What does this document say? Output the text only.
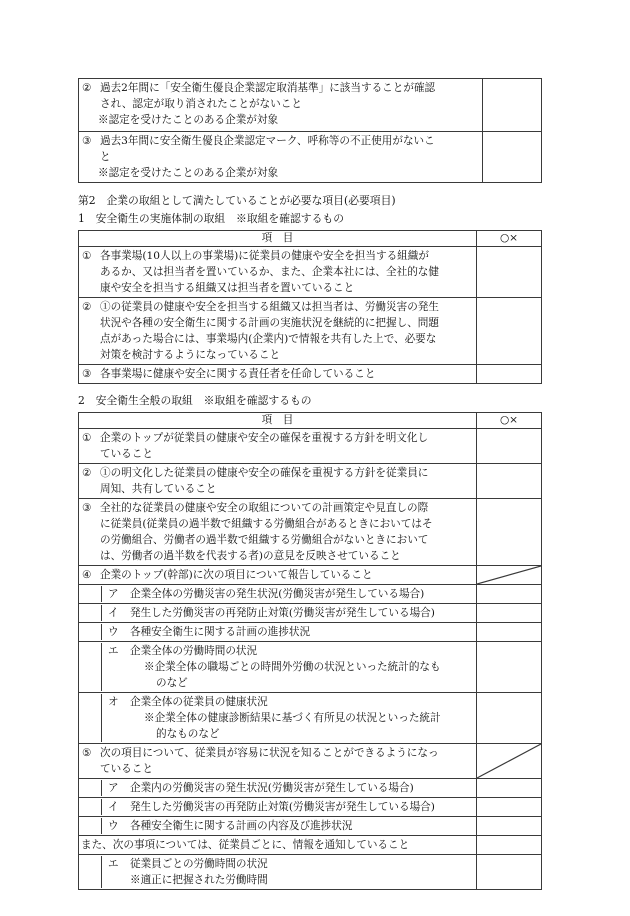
② 過去2年間に「安全衛生優良企業認定取消基準」に該当することが確認
され、認定が取り消されたことがないこと
※認定を受けたことのある企業が対象	

③ 過去3年間に安全衛生優良企業認定マーク、呼称等の不正使用がないこ
と
※認定を受けたことのある企業が対象	

第2　企業の取組として満たしていることが必要な項目(必要項目)
1　安全衛生の実施体制の取組　※取組を確認するもの
項　目	○×

① 各事業場(10人以上の事業場)に従業員の健康や安全を担当する組織が
あるか、又は担当者を置いているか、また、企業本社には、全社的な健
康や安全を担当する組織又は担当者を置いていること	

② ①の従業員の健康や安全を担当する組織又は担当者は、労働災害の発生
状況や各種の安全衛生に関する計画の実施状況を継続的に把握し、問題
点があった場合には、事業場内(企業内)で情報を共有した上で、必要な
対策を検討するようになっていること	

③ 各事業場に健康や安全に関する責任者を任命していること	

2　安全衛生全般の取組　※取組を確認するもの
項　目	○×

① 企業のトップが従業員の健康や安全の確保を重視する方針を明文化し
ていること	

② ①の明文化した従業員の健康や安全の確保を重視する方針を従業員に
周知、共有していること	

③ 全社的な従業員の健康や安全の取組についての計画策定や見直しの際
に従業員(従業員の過半数で組織する労働組合があるときにおいてはそ
の労働組合、労働者の過半数で組織する労働組合がないときにおいて
は、労働者の過半数を代表する者)の意見を反映させていること	

④ 企業のトップ(幹部)に次の項目について報告していること

ア 企業全体の労働災害の発生状況(労働災害が発生している場合)	

イ 発生した労働災害の再発防止対策(労働災害が発生している場合)	

ウ 各種安全衛生に関する計画の進捗状況	

エ 企業全体の労働時間の状況
※企業全体の職場ごとの時間外労働の状況といった統計的なも
のなど	

オ 企業全体の従業員の健康状況
※企業全体の健康診断結果に基づく有所見の状況といった統計
的なものなど	

⑤ 次の項目について、従業員が容易に状況を知ることができるようになっ
ていること

ア 企業内の労働災害の発生状況(労働災害が発生している場合)	

イ 発生した労働災害の再発防止対策(労働災害が発生している場合)	

ウ 各種安全衛生に関する計画の内容及び進捗状況	

また、次の事項については、従業員ごとに、情報を通知していること	

エ 従業員ごとの労働時間の状況
※適正に把握された労働時間	
